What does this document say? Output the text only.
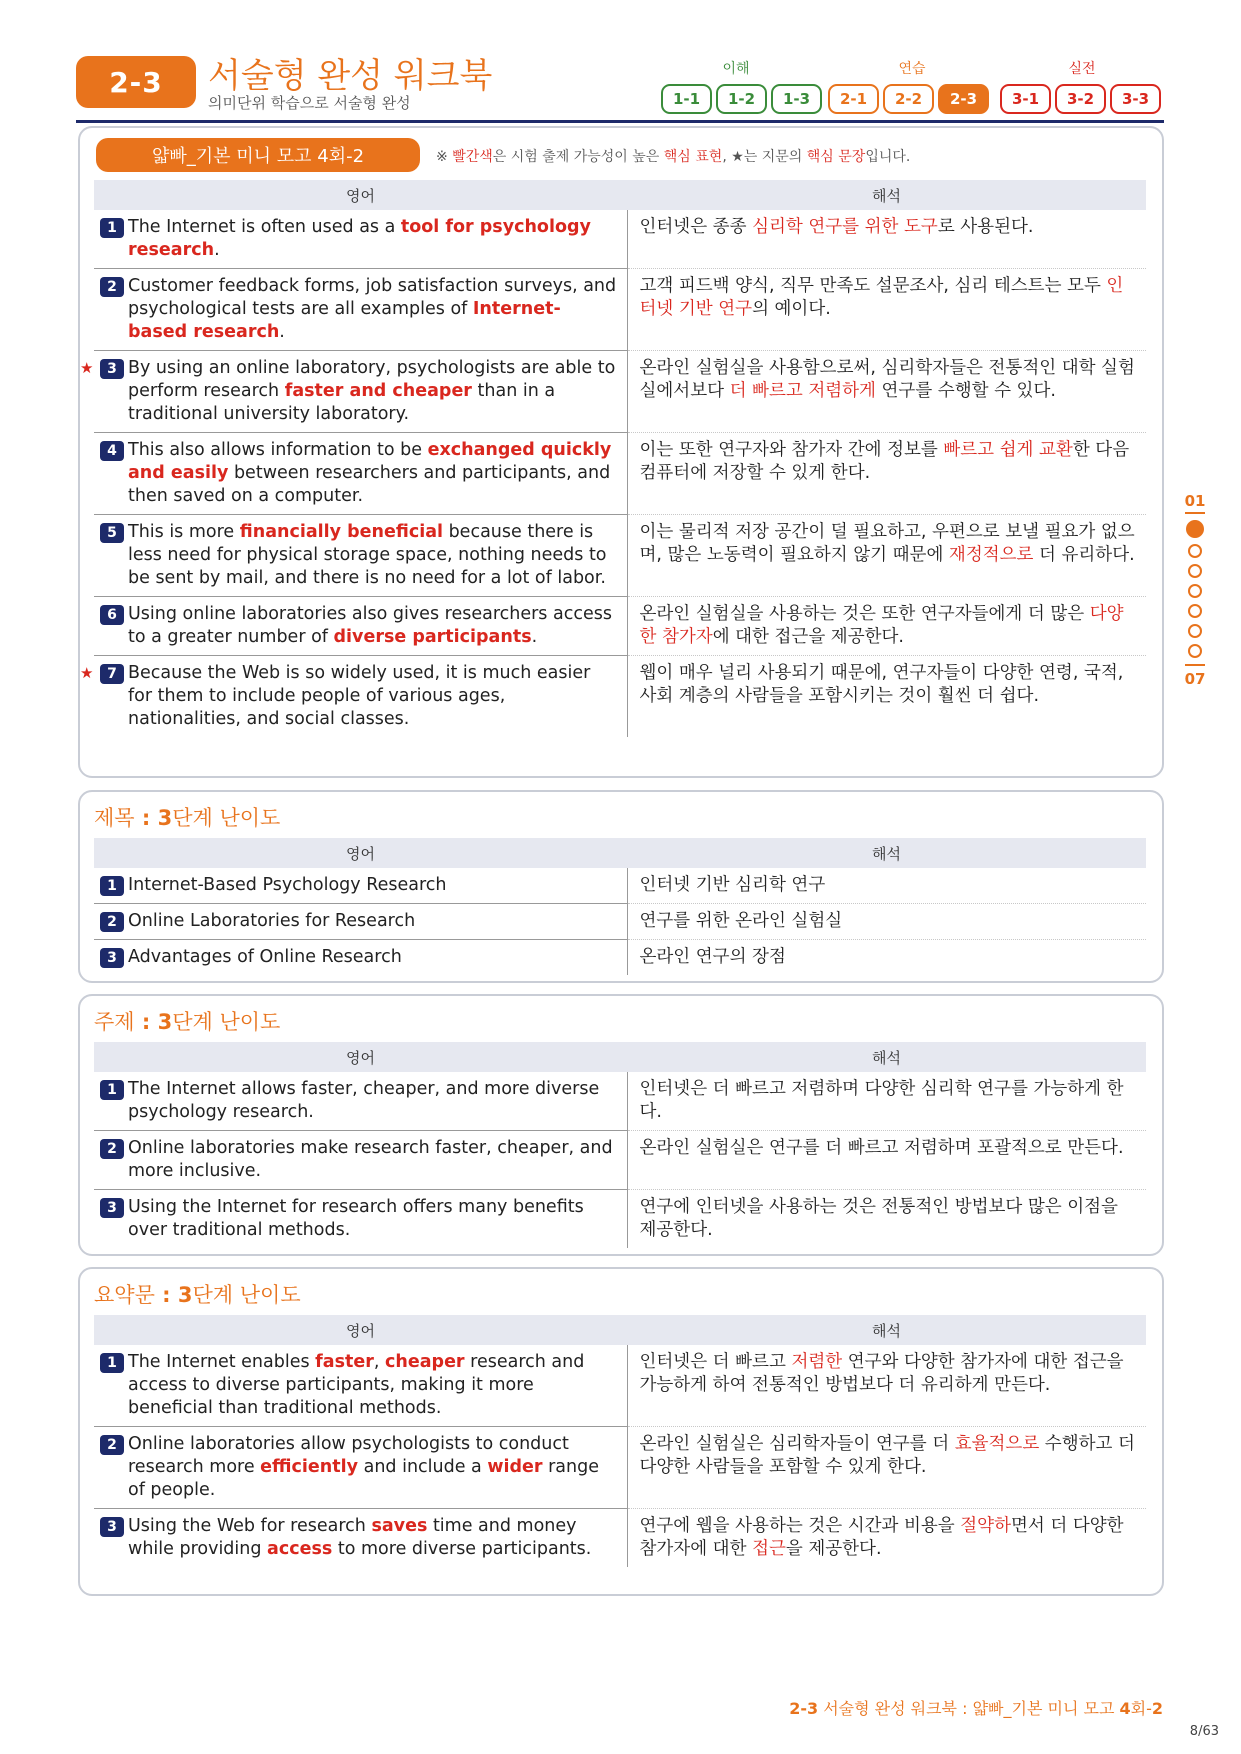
2-3	서술형 완성 워크북
의미단위 학습으로 서술형 완성
이해	연습	실전
1-1	1-2	1-3	2-1	2-2	2-3	3-1	3-2	3-3
얇빠_기본 미니 모고 4회-2	※ 빨간색은 시험 출제 가능성이 높은 핵심 표현, ★는 지문의 핵심 문장입니다.
영어	해석

1 The Internet is often used as a tool for psychology research.	인터넷은 종종 심리학 연구를 위한 도구로 사용된다.

2 Customer feedback forms, job satisfaction surveys, and psychological tests are all examples of Internet-based research.	고객 피드백 양식, 직무 만족도 설문조사, 심리 테스트는 모두 인터넷 기반 연구의 예이다.

★ 3 By using an online laboratory, psychologists are able to perform research faster and cheaper than in a traditional university laboratory.	온라인 실험실을 사용함으로써, 심리학자들은 전통적인 대학 실험실에서보다 더 빠르고 저렴하게 연구를 수행할 수 있다.

4 This also allows information to be exchanged quickly and easily between researchers and participants, and then saved on a computer.	이는 또한 연구자와 참가자 간에 정보를 빠르고 쉽게 교환한 다음 컴퓨터에 저장할 수 있게 한다.

5 This is more financially beneficial because there is less need for physical storage space, nothing needs to be sent by mail, and there is no need for a lot of labor.	이는 물리적 저장 공간이 덜 필요하고, 우편으로 보낼 필요가 없으며, 많은 노동력이 필요하지 않기 때문에 재정적으로 더 유리하다.

6 Using online laboratories also gives researchers access to a greater number of diverse participants.	온라인 실험실을 사용하는 것은 또한 연구자들에게 더 많은 다양한 참가자에 대한 접근을 제공한다.

★ 7 Because the Web is so widely used, it is much easier for them to include people of various ages, nationalities, and social classes.	웹이 매우 널리 사용되기 때문에, 연구자들이 다양한 연령, 국적, 사회 계층의 사람들을 포함시키는 것이 훨씬 더 쉽다.
제목 : 3단계 난이도
영어	해석

1 Internet-Based Psychology Research	인터넷 기반 심리학 연구

2 Online Laboratories for Research	연구를 위한 온라인 실험실

3 Advantages of Online Research	온라인 연구의 장점
주제 : 3단계 난이도
영어	해석

1 The Internet allows faster, cheaper, and more diverse psychology research.	인터넷은 더 빠르고 저렴하며 다양한 심리학 연구를 가능하게 한다.

2 Online laboratories make research faster, cheaper, and more inclusive.	온라인 실험실은 연구를 더 빠르고 저렴하며 포괄적으로 만든다.

3 Using the Internet for research offers many benefits over traditional methods.	연구에 인터넷을 사용하는 것은 전통적인 방법보다 많은 이점을 제공한다.
요약문 : 3단계 난이도
영어	해석

1 The Internet enables faster, cheaper research and access to diverse participants, making it more beneficial than traditional methods.	인터넷은 더 빠르고 저렴한 연구와 다양한 참가자에 대한 접근을 가능하게 하여 전통적인 방법보다 더 유리하게 만든다.

2 Online laboratories allow psychologists to conduct research more efficiently and include a wider range of people.	온라인 실험실은 심리학자들이 연구를 더 효율적으로 수행하고 더 다양한 사람들을 포함할 수 있게 한다.

3 Using the Web for research saves time and money while providing access to more diverse participants.	연구에 웹을 사용하는 것은 시간과 비용을 절약하면서 더 다양한 참가자에 대한 접근을 제공한다.
01
07
2-3 서술형 완성 워크북 : 얇빠_기본 미니 모고 4회-2
8/63
